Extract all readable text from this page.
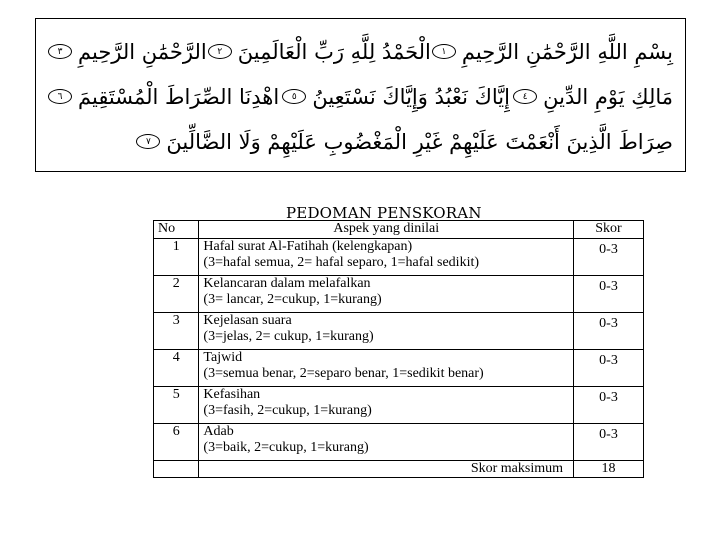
بِسْمِ اللَّهِ الرَّحْمَٰنِ الرَّحِيمِ
١
الْحَمْدُ لِلَّهِ رَبِّ الْعَالَمِينَ
٢
الرَّحْمَٰنِ الرَّحِيمِ
٣
مَالِكِ يَوْمِ الدِّينِ
٤
إِيَّاكَ نَعْبُدُ وَإِيَّاكَ نَسْتَعِينُ
٥
اهْدِنَا الصِّرَاطَ الْمُسْتَقِيمَ
٦
صِرَاطَ الَّذِينَ أَنْعَمْتَ عَلَيْهِمْ غَيْرِ الْمَغْضُوبِ عَلَيْهِمْ وَلَا الضَّالِّينَ
٧
PEDOMAN PENSKORAN
No	Aspek yang dinilai	Skor
1	Hafal surat Al-Fatihah (kelengkapan)
(3=hafal semua, 2= hafal separo, 1=hafal sedikit)	0-3
2	Kelancaran dalam melafalkan
(3= lancar, 2=cukup, 1=kurang)	0-3
3	Kejelasan suara
(3=jelas, 2= cukup, 1=kurang)	0-3
4	Tajwid
(3=semua benar, 2=separo benar, 1=sedikit benar)	0-3
5	Kefasihan
(3=fasih, 2=cukup, 1=kurang)	0-3
6	Adab
(3=baik, 2=cukup, 1=kurang)	0-3
	Skor maksimum	18
